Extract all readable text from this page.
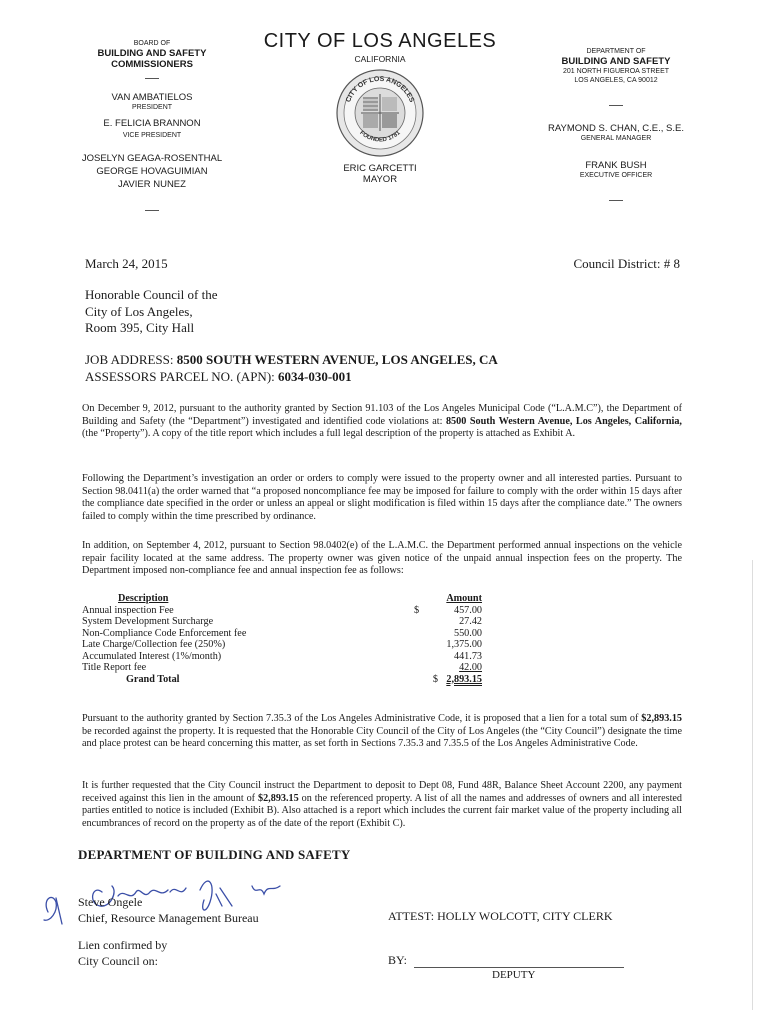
BOARD OF
BUILDING AND SAFETY
COMMISSIONERS
VAN AMBATIELOS
PRESIDENT
E. FELICIA BRANNON
VICE PRESIDENT
JOSELYN GEAGA-ROSENTHAL
GEORGE HOVAGUIMIAN
JAVIER NUNEZ
CITY OF LOS ANGELES
CALIFORNIA
CITY OF LOS ANGELES
FOUNDED 1781
ERIC GARCETTI
MAYOR
DEPARTMENT OF
BUILDING AND SAFETY
201 NORTH FIGUEROA STREET
LOS ANGELES, CA 90012
RAYMOND S. CHAN, C.E., S.E.
GENERAL MANAGER
FRANK BUSH
EXECUTIVE OFFICER
March 24, 2015	Council District: # 8
Honorable Council of the
City of Los Angeles,
Room 395, City Hall
JOB ADDRESS: 8500 SOUTH WESTERN AVENUE, LOS ANGELES, CA
ASSESSORS PARCEL NO. (APN): 6034-030-001
On December 9, 2012, pursuant to the authority granted by Section 91.103 of the Los Angeles Municipal Code (“L.A.M.C”), the Department of Building and Safety (the “Department”) investigated and identified code violations at: 8500 South Western Avenue, Los Angeles, California, (the “Property”). A copy of the title report which includes a full legal description of the property is attached as Exhibit A.
Following the Department’s investigation an order or orders to comply were issued to the property owner and all interested parties. Pursuant to Section 98.0411(a) the order warned that “a proposed noncompliance fee may be imposed for failure to comply with the order within 15 days after the compliance date specified in the order or unless an appeal or slight modification is filed within 15 days after the compliance date.” The owners failed to comply within the time prescribed by ordinance.
In addition, on September 4, 2012, pursuant to Section 98.0402(e) of the L.A.M.C. the Department performed annual inspections on the vehicle repair facility located at the same address. The property owner was given notice of the unpaid annual inspection fees on the property. The Department imposed non-compliance fee and annual inspection fee as follows:
Description		Amount
Annual inspection Fee	$	457.00
System Development Surcharge		27.42
Non-Compliance Code Enforcement fee		550.00
Late Charge/Collection fee (250%)		1,375.00
Accumulated Interest (1%/month)		441.73
Title Report fee		42.00
Grand Total	$	2,893.15
Pursuant to the authority granted by Section 7.35.3 of the Los Angeles Administrative Code, it is proposed that a lien for a total sum of $2,893.15 be recorded against the property. It is requested that the Honorable City Council of the City of Los Angeles (the “City Council”) designate the time and place protest can be heard concerning this matter, as set forth in Sections 7.35.3 and 7.35.5 of the Los Angeles Administrative Code.
It is further requested that the City Council instruct the Department to deposit to Dept 08, Fund 48R, Balance Sheet Account 2200, any payment received against this lien in the amount of $2,893.15 on the referenced property. A list of all the names and addresses of owners and all interested parties entitled to notice is included (Exhibit B). Also attached is a report which includes the current fair market value of the property including all encumbrances of record on the property as of the date of the report (Exhibit C).
DEPARTMENT OF BUILDING AND SAFETY
Steve Ongele
Chief, Resource Management Bureau	ATTEST: HOLLY WOLCOTT, CITY CLERK
Lien confirmed by
City Council on:	BY:
DEPUTY
